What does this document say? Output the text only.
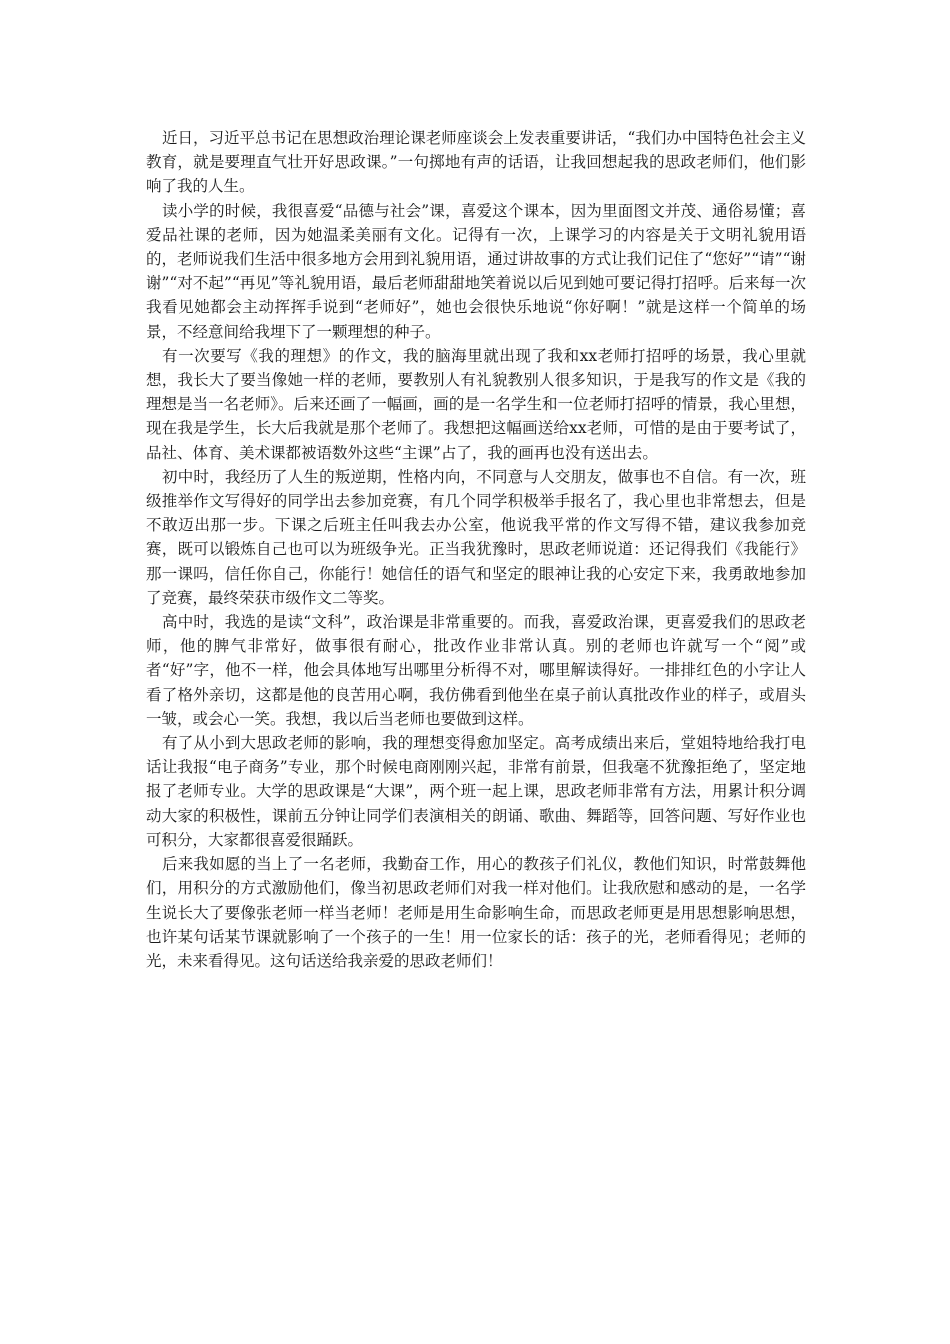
近日，习近平总书记在思想政治理论课老师座谈会上发表重要讲话，“我们办中国特色社会主义教育，就是要理直气壮开好思政课。”一句掷地有声的话语，让我回想起我的思政老师们，他们影响了我的人生。

读小学的时候，我很喜爱“品德与社会”课，喜爱这个课本，因为里面图文并茂、通俗易懂；喜爱品社课的老师，因为她温柔美丽有文化。记得有一次，上课学习的内容是关于文明礼貌用语的，老师说我们生活中很多地方会用到礼貌用语，通过讲故事的方式让我们记住了“您好”“请”“谢谢”“对不起”“再见”等礼貌用语，最后老师甜甜地笑着说以后见到她可要记得打招呼。后来每一次我看见她都会主动挥挥手说到“老师好”，她也会很快乐地说“你好啊！”就是这样一个简单的场景，不经意间给我埋下了一颗理想的种子。

有一次要写《我的理想》的作文，我的脑海里就出现了我和xx老师打招呼的场景，我心里就想，我长大了要当像她一样的老师，要教别人有礼貌教别人很多知识，于是我写的作文是《我的理想是当一名老师》。后来还画了一幅画，画的是一名学生和一位老师打招呼的情景，我心里想，现在我是学生，长大后我就是那个老师了。我想把这幅画送给xx老师，可惜的是由于要考试了，品社、体育、美术课都被语数外这些“主课”占了，我的画再也没有送出去。

初中时，我经历了人生的叛逆期，性格内向，不同意与人交朋友，做事也不自信。有一次，班级推举作文写得好的同学出去参加竞赛，有几个同学积极举手报名了，我心里也非常想去，但是不敢迈出那一步。下课之后班主任叫我去办公室，他说我平常的作文写得不错，建议我参加竞赛，既可以锻炼自己也可以为班级争光。正当我犹豫时，思政老师说道：还记得我们《我能行》那一课吗，信任你自己，你能行！她信任的语气和坚定的眼神让我的心安定下来，我勇敢地参加了竞赛，最终荣获市级作文二等奖。

高中时，我选的是读“文科”，政治课是非常重要的。而我，喜爱政治课，更喜爱我们的思政老师，他的脾气非常好，做事很有耐心，批改作业非常认真。别的老师也许就写一个“阅”或者“好”字，他不一样，他会具体地写出哪里分析得不对，哪里解读得好。一排排红色的小字让人看了格外亲切，这都是他的良苦用心啊，我仿佛看到他坐在桌子前认真批改作业的样子，或眉头一皱，或会心一笑。我想，我以后当老师也要做到这样。

有了从小到大思政老师的影响，我的理想变得愈加坚定。高考成绩出来后，堂姐特地给我打电话让我报“电子商务”专业，那个时候电商刚刚兴起，非常有前景，但我毫不犹豫拒绝了，坚定地报了老师专业。大学的思政课是“大课”，两个班一起上课，思政老师非常有方法，用累计积分调动大家的积极性，课前五分钟让同学们表演相关的朗诵、歌曲、舞蹈等，回答问题、写好作业也可积分，大家都很喜爱很踊跃。

后来我如愿的当上了一名老师，我勤奋工作，用心的教孩子们礼仪，教他们知识，时常鼓舞他们，用积分的方式激励他们，像当初思政老师们对我一样对他们。让我欣慰和感动的是，一名学生说长大了要像张老师一样当老师！老师是用生命影响生命，而思政老师更是用思想影响思想，也许某句话某节课就影响了一个孩子的一生！用一位家长的话：孩子的光，老师看得见；老师的光，未来看得见。这句话送给我亲爱的思政老师们！
